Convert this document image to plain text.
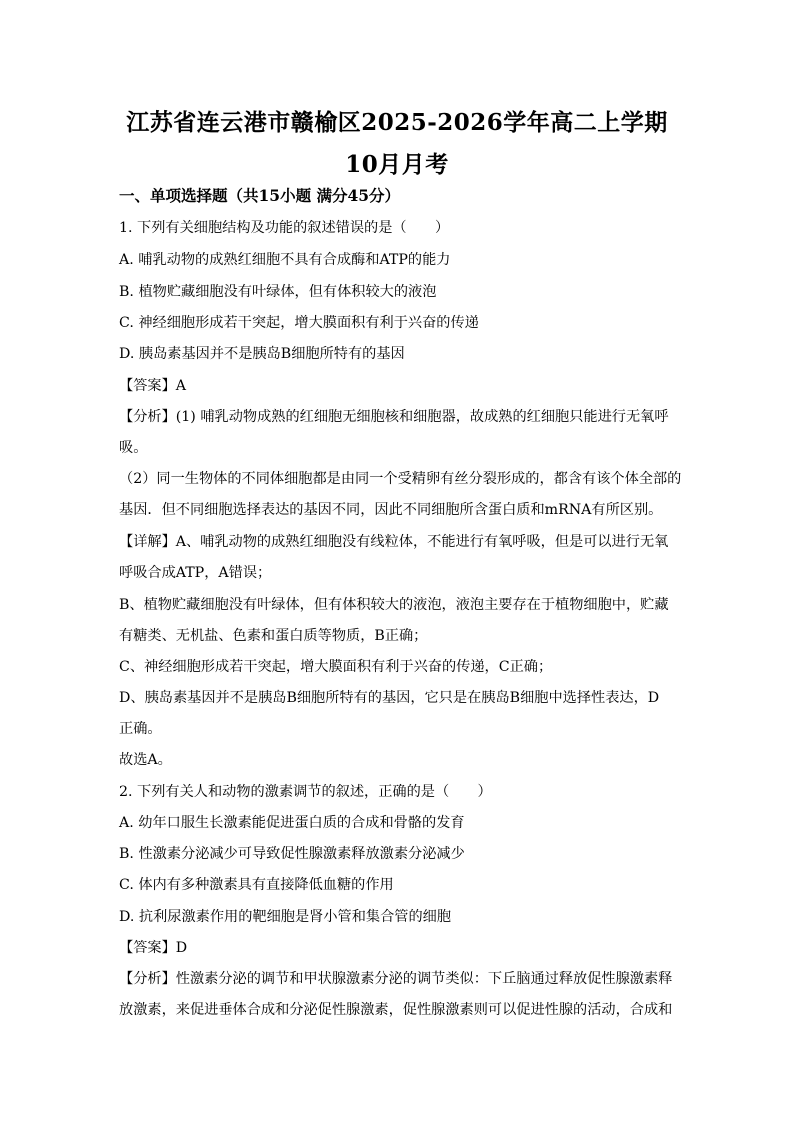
江苏省连云港市赣榆区2025-2026学年高二上学期
10月月考
一、单项选择题（共15小题 满分45分）
1. 下列有关细胞结构及功能的叙述错误的是（　　）
A. 哺乳动物的成熟红细胞不具有合成酶和ATP的能力
B. 植物贮藏细胞没有叶绿体，但有体积较大的液泡
C. 神经细胞形成若干突起，增大膜面积有利于兴奋的传递
D. 胰岛素基因并不是胰岛B细胞所特有的基因
【答案】A
【分析】(1) 哺乳动物成熟的红细胞无细胞核和细胞器，故成熟的红细胞只能进行无氧呼
吸。
（2）同一生物体的不同体细胞都是由同一个受精卵有丝分裂形成的，都含有该个体全部的
基因．但不同细胞选择表达的基因不同，因此不同细胞所含蛋白质和mRNA有所区别。
【详解】A、哺乳动物的成熟红细胞没有线粒体，不能进行有氧呼吸，但是可以进行无氧
呼吸合成ATP，A错误；
B、植物贮藏细胞没有叶绿体，但有体积较大的液泡，液泡主要存在于植物细胞中，贮藏
有糖类、无机盐、色素和蛋白质等物质，B正确；
C、神经细胞形成若干突起，增大膜面积有利于兴奋的传递，C正确；
D、胰岛素基因并不是胰岛B细胞所特有的基因，它只是在胰岛B细胞中选择性表达，D
正确。
故选A。
2. 下列有关人和动物的激素调节的叙述，正确的是（　　）
A. 幼年口服生长激素能促进蛋白质的合成和骨骼的发育
B. 性激素分泌减少可导致促性腺激素释放激素分泌减少
C. 体内有多种激素具有直接降低血糖的作用
D. 抗利尿激素作用的靶细胞是肾小管和集合管的细胞
【答案】D
【分析】性激素分泌的调节和甲状腺激素分泌的调节类似：下丘脑通过释放促性腺激素释
放激素，来促进垂体合成和分泌促性腺激素，促性腺激素则可以促进性腺的活动，合成和
